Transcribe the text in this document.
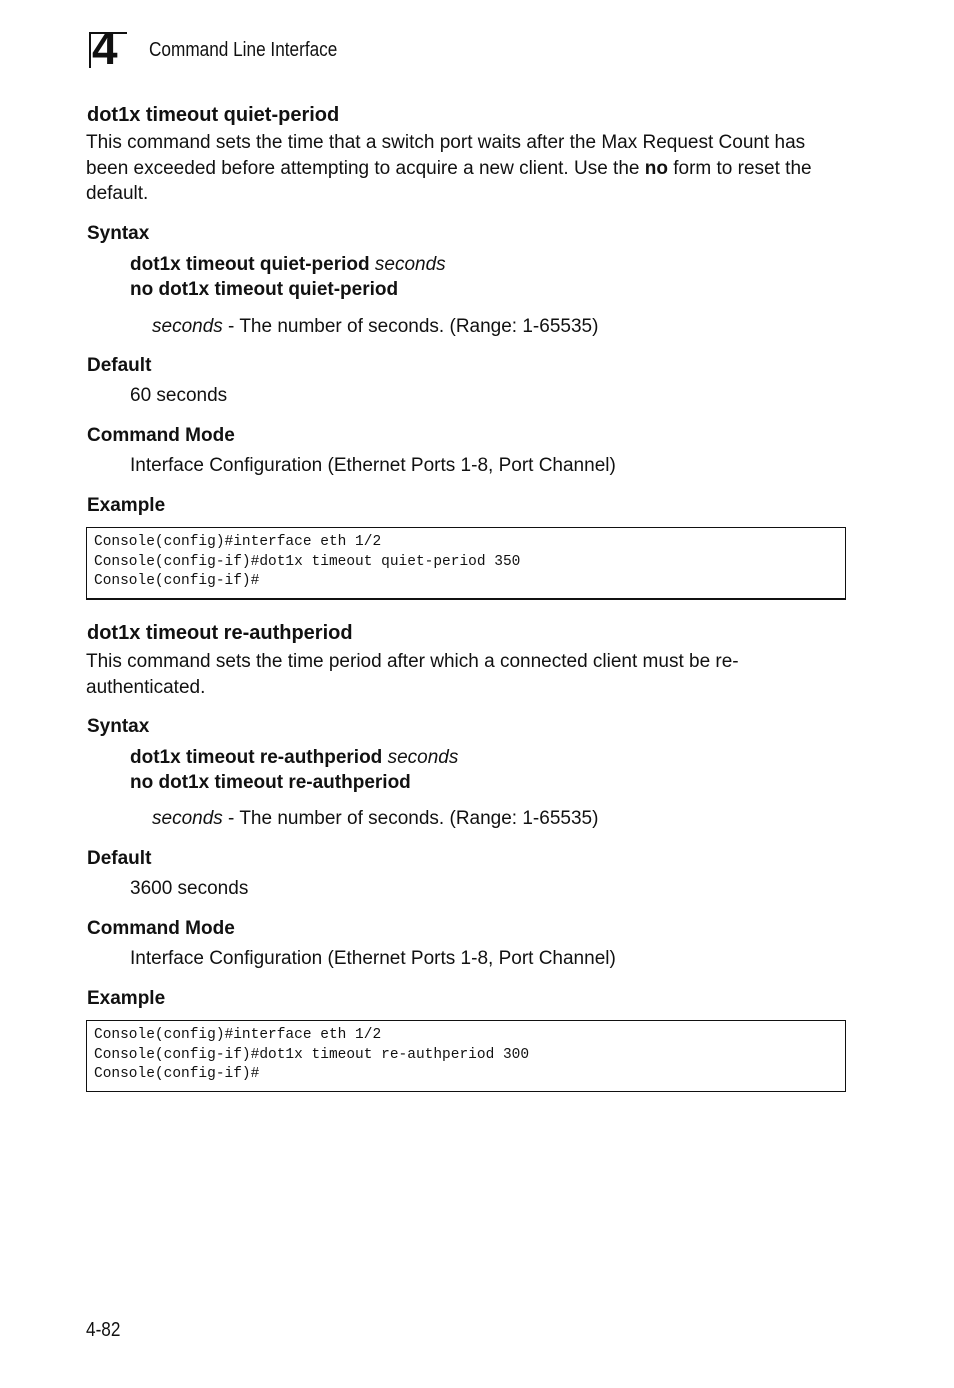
4 Command Line Interface
dot1x timeout quiet-period
This command sets the time that a switch port waits after the Max Request Count has been exceeded before attempting to acquire a new client. Use the no form to reset the default.
Syntax
dot1x timeout quiet-period seconds
no dot1x timeout quiet-period
seconds - The number of seconds. (Range: 1-65535)
Default
60 seconds
Command Mode
Interface Configuration (Ethernet Ports 1-8, Port Channel)
Example
Console(config)#interface eth 1/2
Console(config-if)#dot1x timeout quiet-period 350
Console(config-if)#
dot1x timeout re-authperiod
This command sets the time period after which a connected client must be re-authenticated.
Syntax
dot1x timeout re-authperiod seconds
no dot1x timeout re-authperiod
seconds - The number of seconds. (Range: 1-65535)
Default
3600 seconds
Command Mode
Interface Configuration (Ethernet Ports 1-8, Port Channel)
Example
Console(config)#interface eth 1/2
Console(config-if)#dot1x timeout re-authperiod 300
Console(config-if)#
4-82
